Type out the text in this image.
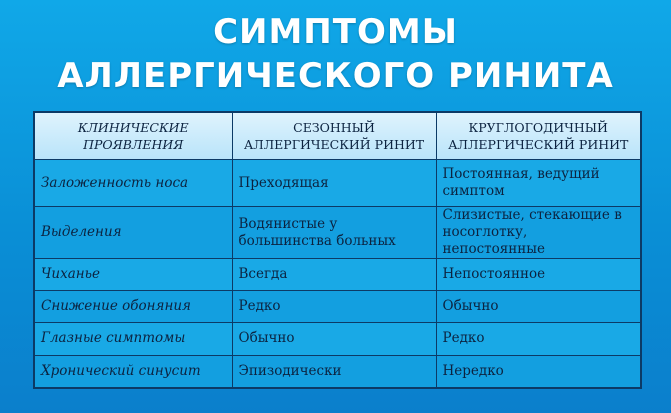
СИМПТОМЫ
АЛЛЕРГИЧЕСКОГО РИНИТА
КЛИНИЧЕСКИЕ ПРОЯВЛЕНИЯ	СЕЗОННЫЙ АЛЛЕРГИЧЕСКИЙ РИНИТ	КРУГЛОГОДИЧНЫЙ АЛЛЕРГИЧЕСКИЙ РИНИТ
Заложенность носа	Преходящая	Постоянная, ведущий симптом
Выделения	Водянистые у большинства больных	Слизистые, стекающие в носоглотку, непостоянные
Чиханье	Всегда	Непостоянное
Снижение обоняния	Редко	Обычно
Глазные симптомы	Обычно	Редко
Хронический синусит	Эпизодически	Нередко
